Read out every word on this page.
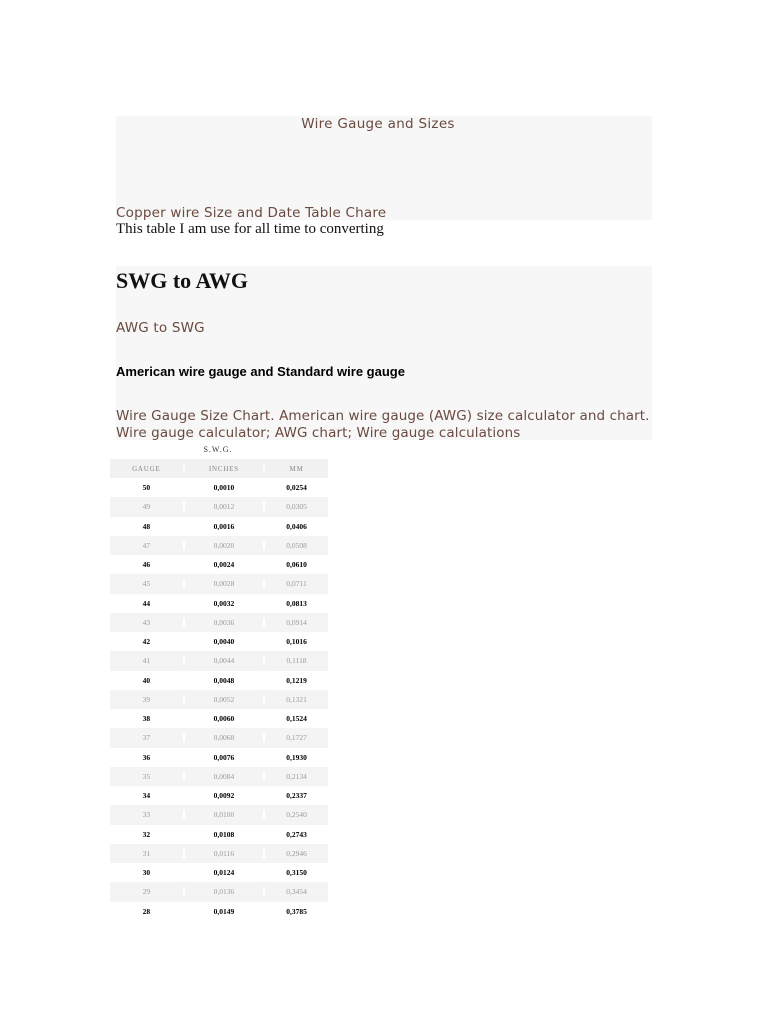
Wire Gauge and Sizes
Copper wire Size and Date Table Chare
This table I am use for all time to converting
SWG to AWG
AWG to SWG
American wire gauge and Standard wire gauge
Wire Gauge Size Chart. American wire gauge (AWG) size calculator and chart. Wire gauge calculator; AWG chart; Wire gauge calculations
S.W.G.
GAUGE	INCHES	MM
50	0,0010	0,0254
49	0,0012	0,0305
48	0,0016	0,0406
47	0,0020	0,0508
46	0,0024	0,0610
45	0,0028	0,0711
44	0,0032	0,0813
43	0,0036	0,0914
42	0,0040	0,1016
41	0,0044	0,1118
40	0,0048	0,1219
39	0,0052	0,1321
38	0,0060	0,1524
37	0,0068	0,1727
36	0,0076	0,1930
35	0,0084	0,2134
34	0,0092	0,2337
33	0,0100	0,2540
32	0,0108	0,2743
31	0,0116	0,2946
30	0,0124	0,3150
29	0,0136	0,3454
28	0,0149	0,3785
